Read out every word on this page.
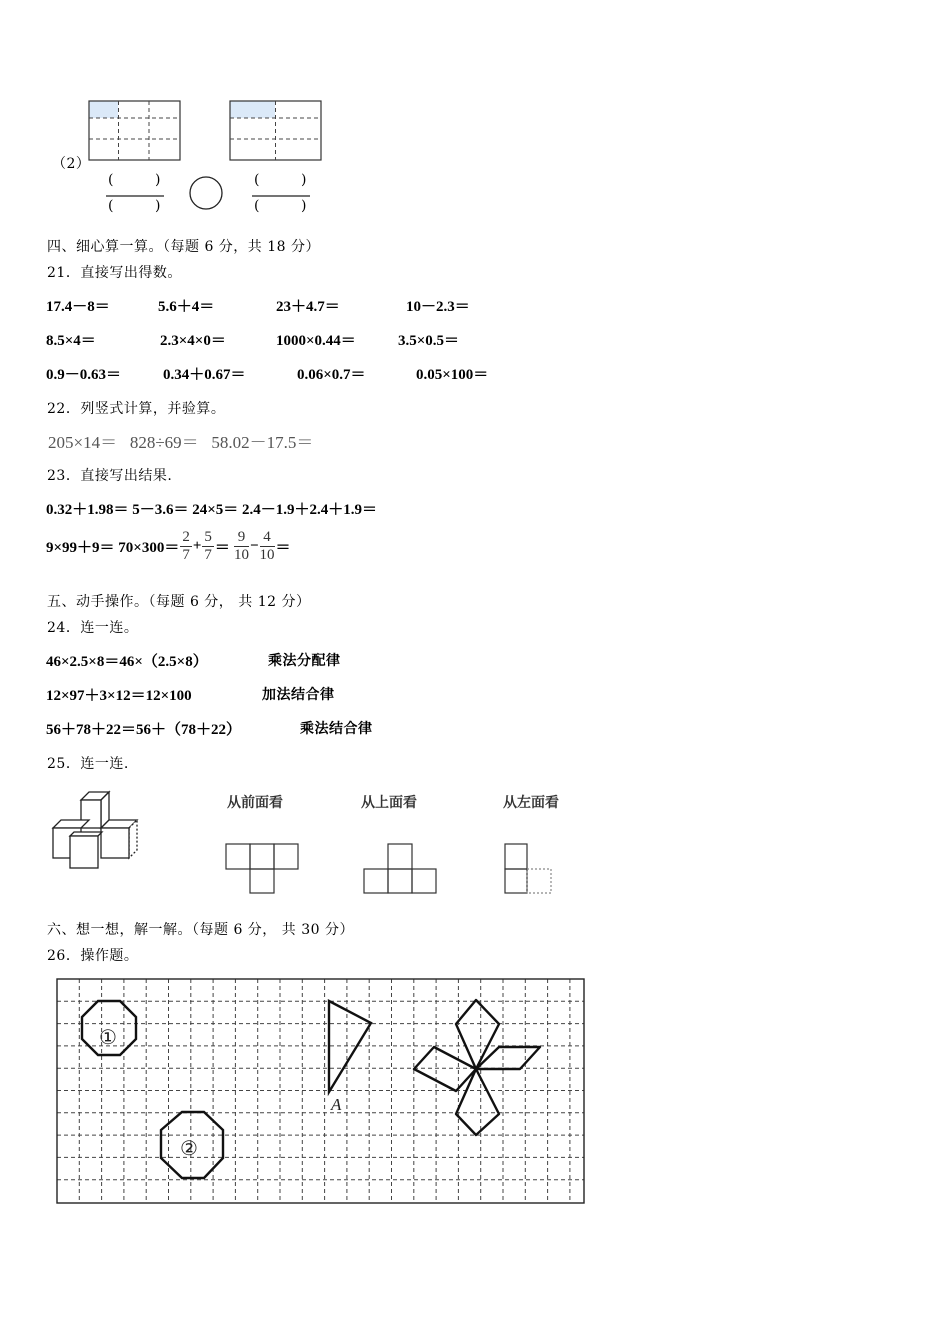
（2）
(	)
(	)
(	)
(	)
四、细心算一算。（每题 6 分，共 18 分）
21．直接写出得数。
17.4－8＝	5.6＋4＝	23＋4.7＝	10－2.3＝
8.5×4＝	2.3×4×0＝	1000×0.44＝	3.5×0.5＝
0.9－0.63＝	0.34＋0.67＝	0.06×0.7＝	0.05×100＝
22．列竖式计算，并验算。
205×14＝   828÷69＝   58.02－17.5＝
23．直接写出结果.
0.32＋1.98＝ 5－3.6＝ 24×5＝ 2.4－1.9＋2.4＋1.9＝
$9\times 99+9= 70\times 300= \frac{2}{7} + \frac{5}{7} = \frac{9}{10} - \frac{4}{10}$ ＝
五、动手操作。（每题 6 分， 共 12 分）
24．连一连。
46×2.5×8＝46×（2.5×8）	乘法分配律
12×97＋3×12＝12×100	加法结合律
56＋78＋22＝56＋（78＋22）	乘法结合律
25．连一连.
从前面看	从上面看	从左面看
六、想一想，解一解。（每题 6 分， 共 30 分）
26．操作题。
①
②
A
